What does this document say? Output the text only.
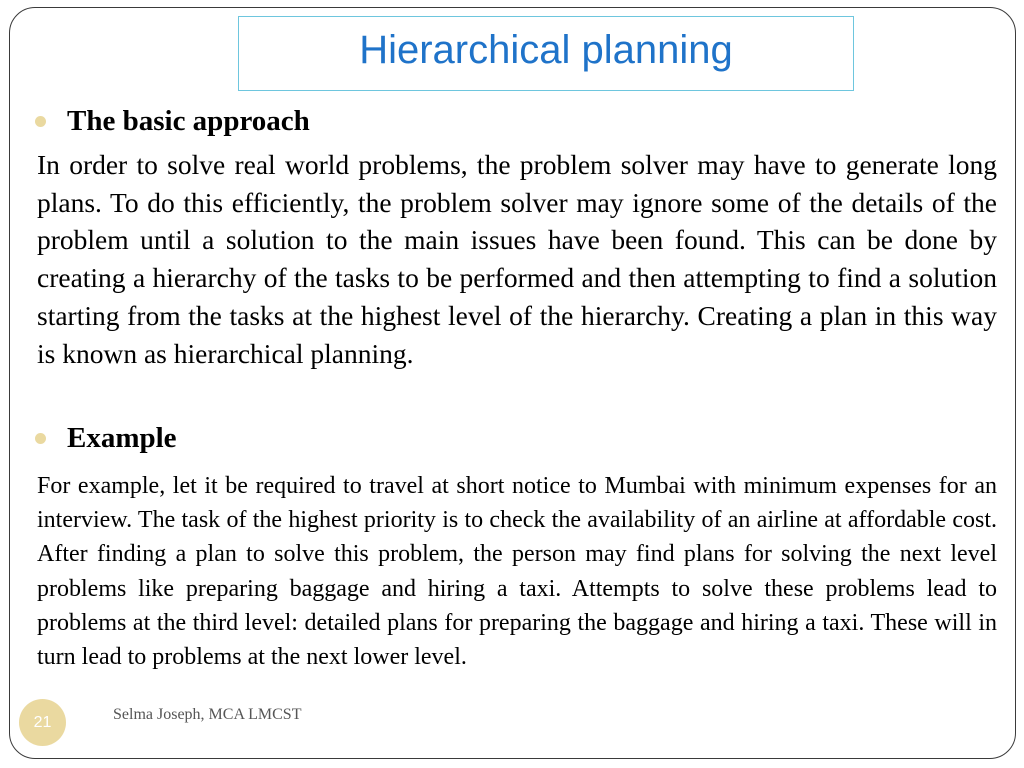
Hierarchical planning
The basic approach

In order to solve real world problems, the problem solver may have to generate long plans. To do this efficiently, the problem solver may ignore some of the details of the problem until a solution to the main issues have been found. This can be done by creating a hierarchy of the tasks to be performed and then attempting to find a solution starting from the tasks at the highest level of the hierarchy. Creating a plan in this way is known as hierarchical planning.

Example

For example, let it be required to travel at short notice to Mumbai with minimum expenses for an interview. The task of the highest priority is to check the availability of an airline at affordable cost. After finding a plan to solve this problem, the person may find plans for solving the next level problems like preparing baggage and hiring a taxi. Attempts to solve these problems lead to problems at the third level: detailed plans for preparing the baggage and hiring a taxi. These will in turn lead to problems at the next lower level.

21	Selma Joseph, MCA LMCST
